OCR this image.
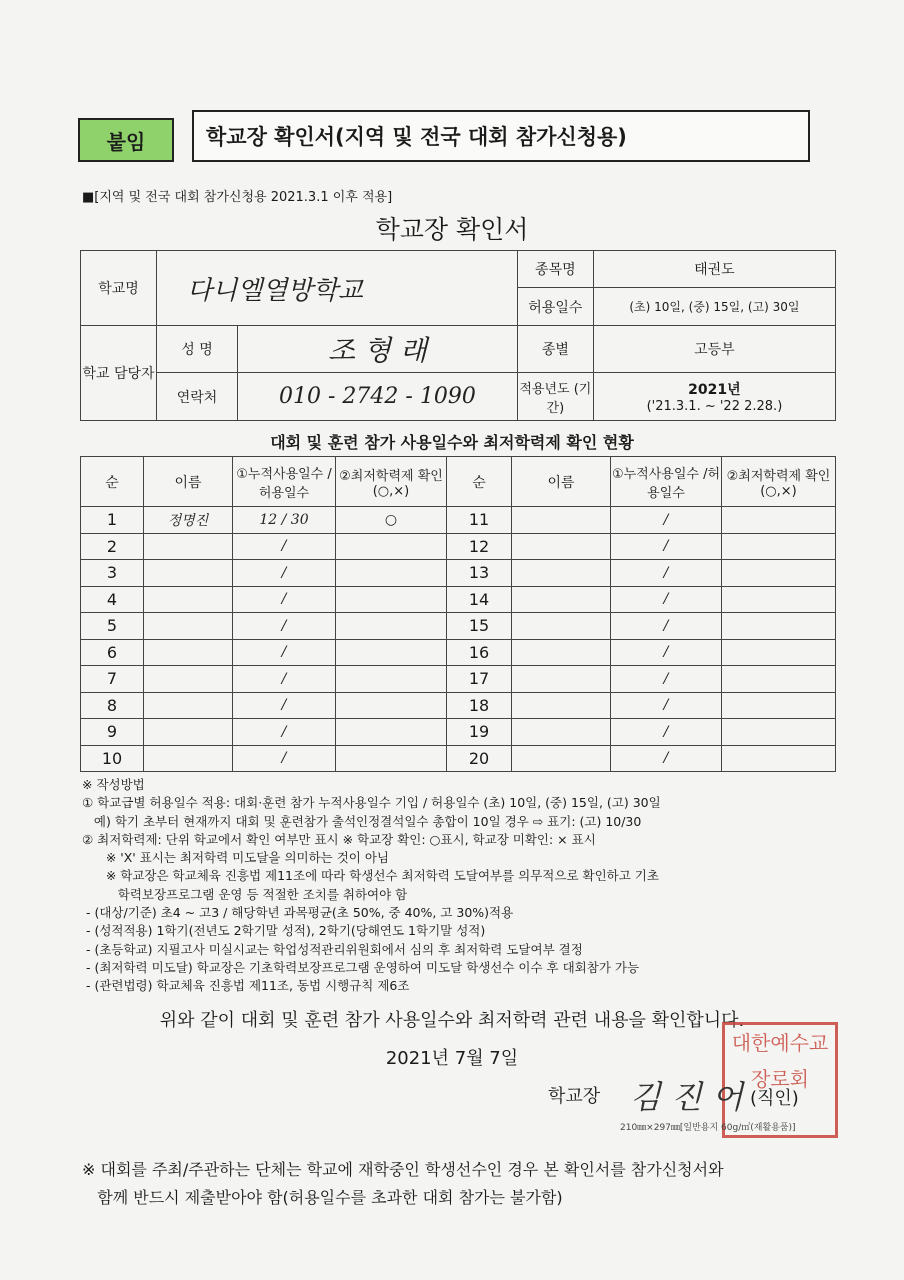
붙임	학교장 확인서(지역 및 전국 대회 참가신청용)
■[지역 및 전국 대회 참가신청용 2021.3.1 이후 적용]
학교장 확인서
학교명	다니엘열방학교		종목명	태권도
			허용일수	(초) 10일, (중) 15일, (고) 30일
학교 담당자	성 명	조 형 래	종별	고등부
	연락처	010 - 2742 - 1090	적용년도 (기간)	2021년
('21.3.1. ~ '22 2.28.)
대회 및 훈련 참가 사용일수와 최저학력제 확인 현황
순	이름	①누적사용일수 /허용일수	②최저학력제 확인(○,×)	순	이름	①누적사용일수 /허용일수	②최저학력제 확인(○,×)
1	정명진	12 / 30	○	11		/	
2		/		12		/	
3		/		13		/	
4		/		14		/	
5		/		15		/	
6		/		16		/	
7		/		17		/	
8		/		18		/	
9		/		19		/	
10		/		20		/	
※ 작성방법
① 학교급별 허용일수 적용: 대회·훈련 참가 누적사용일수 기입 / 허용일수 (초) 10일, (중) 15일, (고) 30일
예) 학기 초부터 현재까지 대회 및 훈련참가 출석인정결석일수 총합이 10일 경우 ⇨ 표기: (고) 10/30
② 최저학력제: 단위 학교에서 확인 여부만 표시 ※ 학교장 확인: ○표시, 학교장 미확인: × 표시
※ 'X' 표시는 최저학력 미도달을 의미하는 것이 아님
※ 학교장은 학교체육 진흥법 제11조에 따라 학생선수 최저학력 도달여부를 의무적으로 확인하고 기초
학력보장프로그램 운영 등 적절한 조치를 취하여야 함
- (대상/기준) 초4 ~ 고3 / 해당학년 과목평균(초 50%, 중 40%, 고 30%)적용
- (성적적용) 1학기(전년도 2학기말 성적), 2학기(당해연도 1학기말 성적)
- (초등학교) 지필고사 미실시교는 학업성적관리위원회에서 심의 후 최저학력 도달여부 결정
- (최저학력 미도달) 학교장은 기초학력보장프로그램 운영하여 미도달 학생선수 이수 후 대회참가 가능
- (관련법령) 학교체육 진흥법 제11조, 동법 시행규칙 제6조
위와 같이 대회 및 훈련 참가 사용일수와 최저학력 관련 내용을 확인합니다.
2021년 7월 7일
대한예수교 장로회
학교장 김 진 어 (직인)
210㎜×297㎜[일반용지 60g/㎡(재활용품)]
※ 대회를 주최/주관하는 단체는 학교에 재학중인 학생선수인 경우 본 확인서를 참가신청서와
함께 반드시 제출받아야 함(허용일수를 초과한 대회 참가는 불가함)
